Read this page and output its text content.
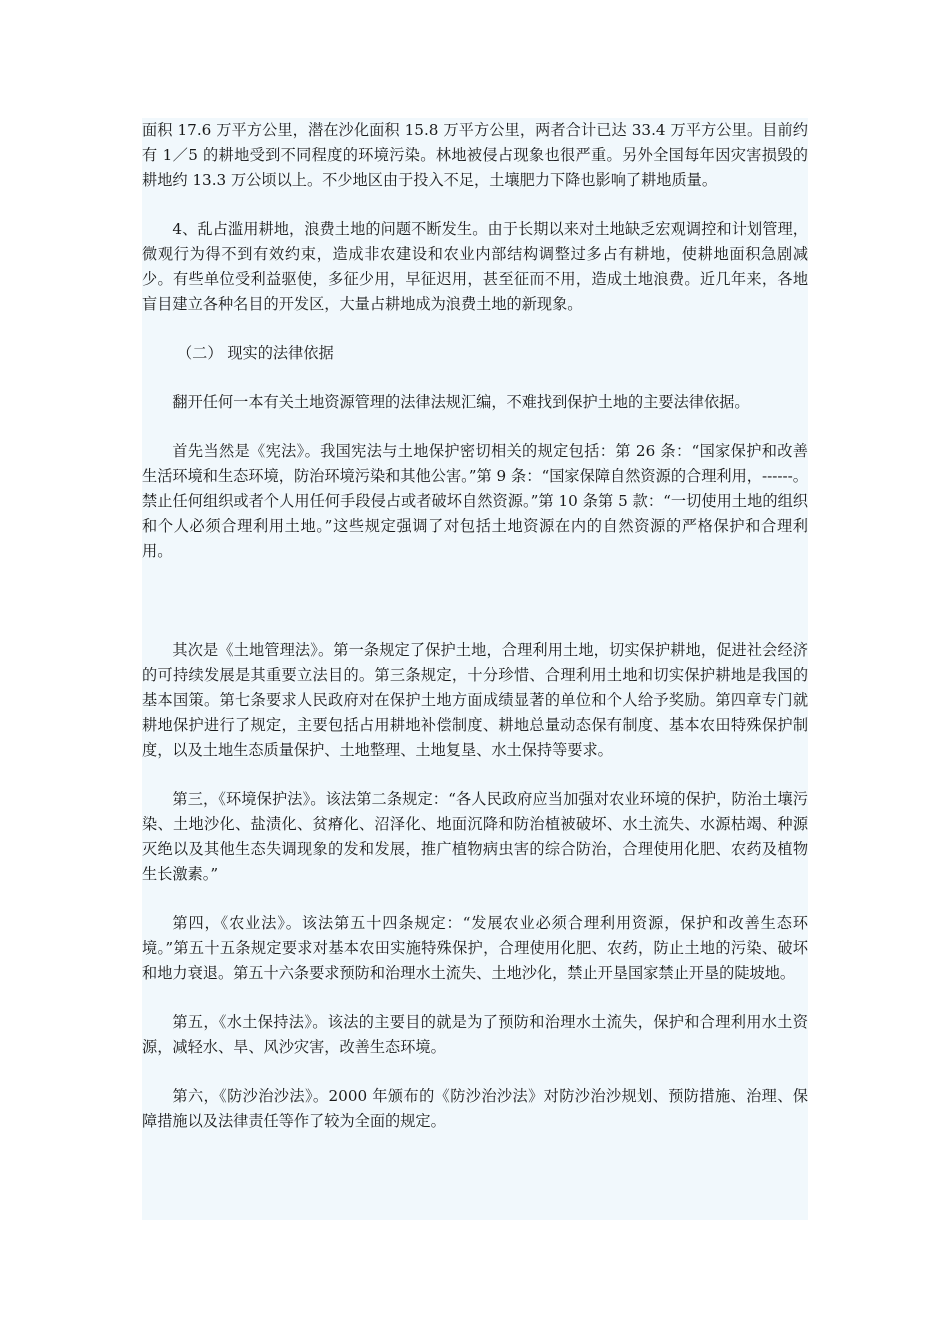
面积 17.6 万平方公里，潜在沙化面积 15.8 万平方公里，两者合计已达 33.4 万平方公里。目前约有 1／5 的耕地受到不同程度的环境污染。林地被侵占现象也很严重。另外全国每年因灾害损毁的耕地约 13.3 万公顷以上。不少地区由于投入不足，土壤肥力下降也影响了耕地质量。

4、乱占滥用耕地，浪费土地的问题不断发生。由于长期以来对土地缺乏宏观调控和计划管理，微观行为得不到有效约束，造成非农建设和农业内部结构调整过多占有耕地，使耕地面积急剧减少。有些单位受利益驱使，多征少用，早征迟用，甚至征而不用，造成土地浪费。近几年来，各地盲目建立各种名目的开发区，大量占耕地成为浪费土地的新现象。

（二） 现实的法律依据

翻开任何一本有关土地资源管理的法律法规汇编，不难找到保护土地的主要法律依据。

首先当然是《宪法》。我国宪法与土地保护密切相关的规定包括：第 26 条：“国家保护和改善生活环境和生态环境，防治环境污染和其他公害。”第 9 条：“国家保障自然资源的合理利用，------。禁止任何组织或者个人用任何手段侵占或者破坏自然资源。”第 10 条第 5 款：“一切使用土地的组织和个人必须合理利用土地。”这些规定强调了对包括土地资源在内的自然资源的严格保护和合理利用。

其次是《土地管理法》。第一条规定了保护土地，合理利用土地，切实保护耕地，促进社会经济的可持续发展是其重要立法目的。第三条规定，十分珍惜、合理利用土地和切实保护耕地是我国的基本国策。第七条要求人民政府对在保护土地方面成绩显著的单位和个人给予奖励。第四章专门就耕地保护进行了规定，主要包括占用耕地补偿制度、耕地总量动态保有制度、基本农田特殊保护制度，以及土地生态质量保护、土地整理、土地复垦、水土保持等要求。

第三，《环境保护法》。该法第二条规定：“各人民政府应当加强对农业环境的保护，防治土壤污染、土地沙化、盐渍化、贫瘠化、沼泽化、地面沉降和防治植被破坏、水土流失、水源枯竭、种源灭绝以及其他生态失调现象的发和发展，推广植物病虫害的综合防治，合理使用化肥、农药及植物生长激素。”

第四，《农业法》。该法第五十四条规定：“发展农业必须合理利用资源，保护和改善生态环境。”第五十五条规定要求对基本农田实施特殊保护，合理使用化肥、农药，防止土地的污染、破坏和地力衰退。第五十六条要求预防和治理水土流失、土地沙化，禁止开垦国家禁止开垦的陡坡地。

第五，《水土保持法》。该法的主要目的就是为了预防和治理水土流失，保护和合理利用水土资源，减轻水、旱、风沙灾害，改善生态环境。

第六，《防沙治沙法》。2000 年颁布的《防沙治沙法》对防沙治沙规划、预防措施、治理、保障措施以及法律责任等作了较为全面的规定。
